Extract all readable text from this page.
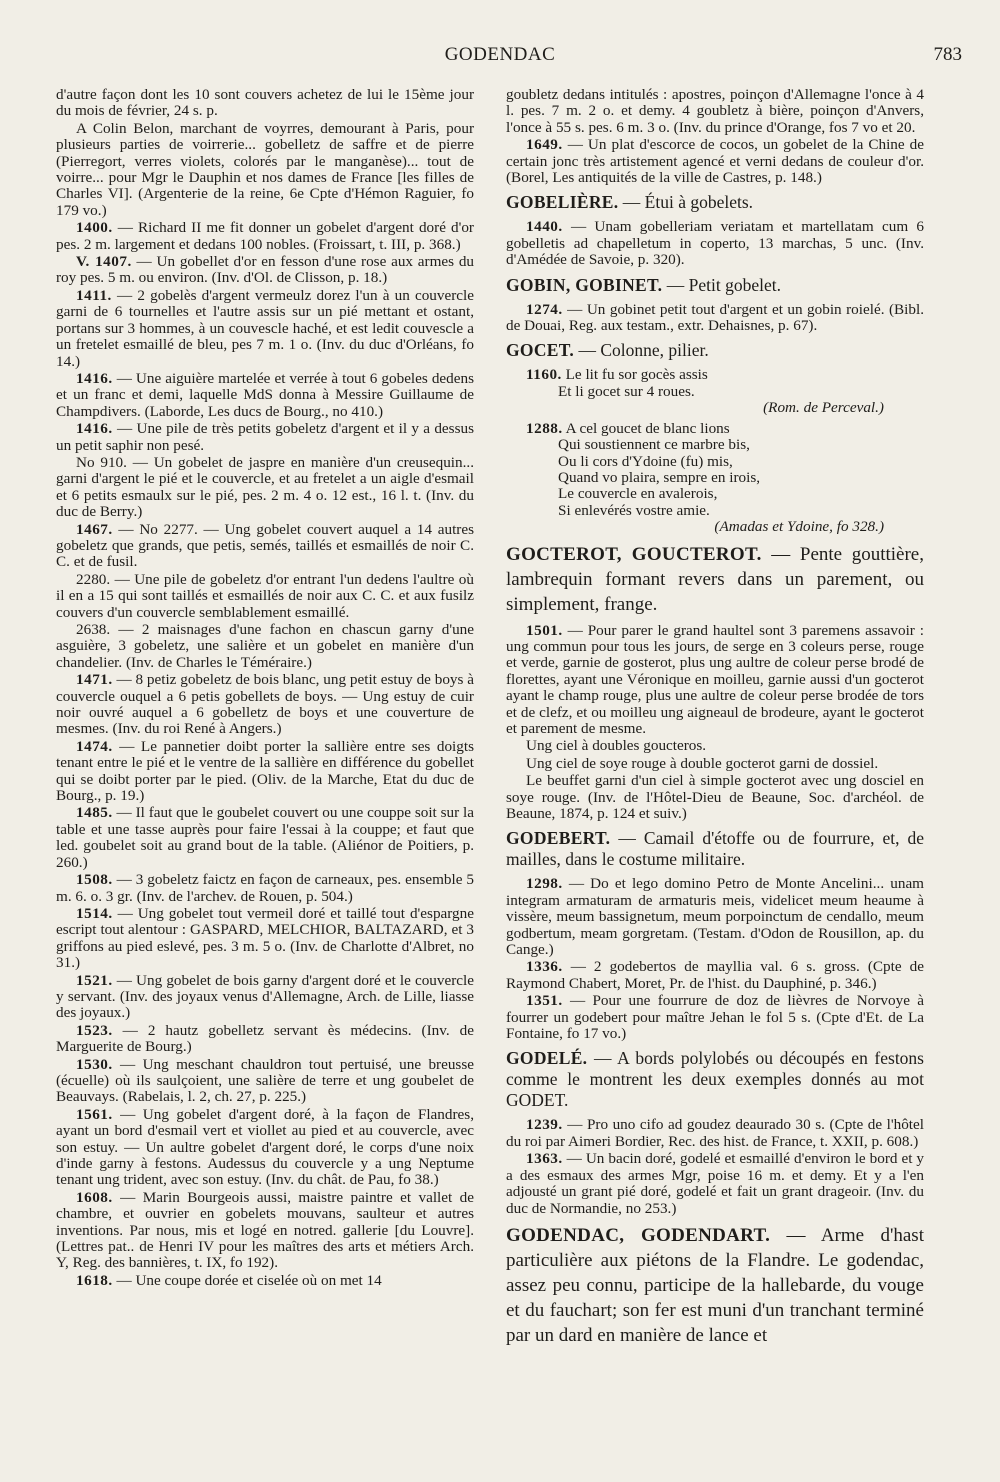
GODENDAC	783

d'autre façon dont les 10 sont couvers achetez de lui le 15ème jour du mois de février, 24 s. p.

A Colin Belon, marchant de voyrres, demourant à Paris, pour plusieurs parties de voirrerie... gobelletz de saffre et de pierre (Pierregort, verres violets, colorés par le manganèse)... tout de voirre... pour Mgr le Dauphin et nos dames de France [les filles de Charles VI]. (Argenterie de la reine, 6e Cpte d'Hémon Raguier, fo 179 vo.)

1400. — Richard II me fit donner un gobelet d'argent doré d'or pes. 2 m. largement et dedans 100 nobles. (Froissart, t. III, p. 368.)

V. 1407. — Un gobellet d'or en fesson d'une rose aux armes du roy pes. 5 m. ou environ. (Inv. d'Ol. de Clisson, p. 18.)

1411. — 2 gobelès d'argent vermeulz dorez l'un à un couvercle garni de 6 tournelles et l'autre assis sur un pié mettant et ostant, portans sur 3 hommes, à un couvescle haché, et est ledit couvescle a un fretelet esmaillé de bleu, pes 7 m. 1 o. (Inv. du duc d'Orléans, fo 14.)

1416. — Une aiguière martelée et verrée à tout 6 gobeles dedens et un franc et demi, laquelle MdS donna à Messire Guillaume de Champdivers. (Laborde, Les ducs de Bourg., no 410.)

1416. — Une pile de très petits gobeletz d'argent et il y a dessus un petit saphir non pesé.

No 910. — Un gobelet de jaspre en manière d'un creusequin... garni d'argent le pié et le couvercle, et au fretelet a un aigle d'esmail et 6 petits esmaulx sur le pié, pes. 2 m. 4 o. 12 est., 16 l. t. (Inv. du duc de Berry.)

1467. — No 2277. — Ung gobelet couvert auquel a 14 autres gobeletz que grands, que petis, semés, taillés et esmaillés de noir C. C. et de fusil.

2280. — Une pile de gobeletz d'or entrant l'un dedens l'aultre où il en a 15 qui sont taillés et esmaillés de noir aux C. C. et aux fusilz couvers d'un couvercle semblablement esmaillé.

2638. — 2 maisnages d'une fachon en chascun garny d'une asguière, 3 gobeletz, une salière et un gobelet en manière d'un chandelier. (Inv. de Charles le Téméraire.)

1471. — 8 petiz gobeletz de bois blanc, ung petit estuy de boys à couvercle ouquel a 6 petis gobellets de boys. — Ung estuy de cuir noir ouvré auquel a 6 gobelletz de boys et une couverture de mesmes. (Inv. du roi René à Angers.)

1474. — Le pannetier doibt porter la sallière entre ses doigts tenant entre le pié et le ventre de la sallière en différence du gobellet qui se doibt porter par le pied. (Oliv. de la Marche, Etat du duc de Bourg., p. 19.)

1485. — Il faut que le goubelet couvert ou une couppe soit sur la table et une tasse auprès pour faire l'essai à la couppe; et faut que led. goubelet soit au grand bout de la table. (Aliénor de Poitiers, p. 260.)

1508. — 3 gobeletz faictz en façon de carneaux, pes. ensemble 5 m. 6. o. 3 gr. (Inv. de l'archev. de Rouen, p. 504.)

1514. — Ung gobelet tout vermeil doré et taillé tout d'espargne escript tout alentour : GASPARD, MELCHIOR, BALTAZARD, et 3 griffons au pied eslevé, pes. 3 m. 5 o. (Inv. de Charlotte d'Albret, no 31.)

1521. — Ung gobelet de bois garny d'argent doré et le couvercle y servant. (Inv. des joyaux venus d'Allemagne, Arch. de Lille, liasse des joyaux.)

1523. — 2 hautz gobelletz servant ès médecins. (Inv. de Marguerite de Bourg.)

1530. — Ung meschant chauldron tout pertuisé, une breusse (écuelle) où ils saulçoient, une salière de terre et ung goubelet de Beauvays. (Rabelais, l. 2, ch. 27, p. 225.)

1561. — Ung gobelet d'argent doré, à la façon de Flandres, ayant un bord d'esmail vert et viollet au pied et au couvercle, avec son estuy. — Un aultre gobelet d'argent doré, le corps d'une noix d'inde garny à festons. Audessus du couvercle y a ung Neptume tenant ung trident, avec son estuy. (Inv. du chât. de Pau, fo 38.)

1608. — Marin Bourgeois aussi, maistre paintre et vallet de chambre, et ouvrier en gobelets mouvans, saulteur et autres inventions. Par nous, mis et logé en notred. gallerie [du Louvre]. (Lettres pat.. de Henri IV pour les maîtres des arts et métiers Arch. Y, Reg. des bannières, t. IX, fo 192).

1618. — Une coupe dorée et ciselée où on met 14

goubletz dedans intitulés : apostres, poinçon d'Allemagne l'once à 4 l. pes. 7 m. 2 o. et demy. 4 goubletz à bière, poinçon d'Anvers, l'once à 55 s. pes. 6 m. 3 o. (Inv. du prince d'Orange, fos 7 vo et 20.

1649. — Un plat d'escorce de cocos, un gobelet de la Chine de certain jonc très artistement agencé et verni dedans de couleur d'or. (Borel, Les antiquités de la ville de Castres, p. 148.)

GOBELIÈRE. — Étui à gobelets.

1440. — Unam gobelleriam veriatam et martellatam cum 6 gobelletis ad chapelletum in coperto, 13 marchas, 5 unc. (Inv. d'Amédée de Savoie, p. 320).

GOBIN, GOBINET. — Petit gobelet.

1274. — Un gobinet petit tout d'argent et un gobin roielé. (Bibl. de Douai, Reg. aux testam., extr. Dehaisnes, p. 67).

GOCET. — Colonne, pilier.

1160. Le lit fu sor gocès assis

Et li gocet sur 4 roues.
(Rom. de Perceval.)

1288. A cel goucet de blanc lions

Qui soustiennent ce marbre bis,
Ou li cors d'Ydoine (fu) mis,
Quand vo plaira, sempre en irois,
Le couvercle en avalerois,
Si enlevérés vostre amie.
(Amadas et Ydoine, fo 328.)

GOCTEROT, GOUCTEROT. — Pente gouttière, lambrequin formant revers dans un parement, ou simplement, frange.

1501. — Pour parer le grand haultel sont 3 paremens assavoir : ung commun pour tous les jours, de serge en 3 coleurs perse, rouge et verde, garnie de gosterot, plus ung aultre de coleur perse brodé de florettes, ayant une Véronique en moilleu, garnie aussi d'un gocterot ayant le champ rouge, plus une aultre de coleur perse brodée de tors et de clefz, et ou moilleu ung aigneaul de brodeure, ayant le gocterot et parement de mesme.

Ung ciel à doubles goucteros.

Ung ciel de soye rouge à double gocterot garni de dossiel.

Le beuffet garni d'un ciel à simple gocterot avec ung dosciel en soye rouge. (Inv. de l'Hôtel-Dieu de Beaune, Soc. d'archéol. de Beaune, 1874, p. 124 et suiv.)

GODEBERT. — Camail d'étoffe ou de fourrure, et, de mailles, dans le costume militaire.

1298. — Do et lego domino Petro de Monte Ancelini... unam integram armaturam de armaturis meis, videlicet meum heaume à vissère, meum bassignetum, meum porpoinctum de cendallo, meum godbertum, meam gorgretam. (Testam. d'Odon de Rousillon, ap. du Cange.)

1336. — 2 godebertos de mayllia val. 6 s. gross. (Cpte de Raymond Chabert, Moret, Pr. de l'hist. du Dauphiné, p. 346.)

1351. — Pour une fourrure de doz de lièvres de Norvoye à fourrer un godebert pour maître Jehan le fol 5 s. (Cpte d'Et. de La Fontaine, fo 17 vo.)

GODELÉ. — A bords polylobés ou découpés en festons comme le montrent les deux exemples donnés au mot GODET.

1239. — Pro uno cifo ad goudez deaurado 30 s. (Cpte de l'hôtel du roi par Aimeri Bordier, Rec. des hist. de France, t. XXII, p. 608.)

1363. — Un bacin doré, godelé et esmaillé d'environ le bord et y a des esmaux des armes Mgr, poise 16 m. et demy. Et y a l'en adjousté un grant pié doré, godelé et fait un grant drageoir. (Inv. du duc de Normandie, no 253.)

GODENDAC, GODENDART. — Arme d'hast particulière aux piétons de la Flandre. Le godendac, assez peu connu, participe de la hallebarde, du vouge et du fauchart; son fer est muni d'un tranchant terminé par un dard en manière de lance et
